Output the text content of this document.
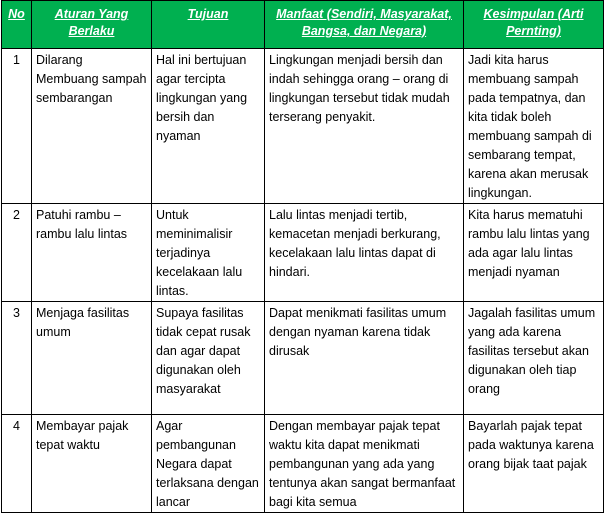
No	Aturan Yang Berlaku	Tujuan	Manfaat (Sendiri, Masyarakat, Bangsa, dan Negara)	Kesimpulan (Arti Pernting)

1	Dilarang Membuang sampah sembarangan	Hal ini bertujuan agar tercipta lingkungan yang bersih dan nyaman	Lingkungan menjadi bersih dan indah sehingga orang – orang di lingkungan tersebut tidak mudah terserang penyakit.	Jadi kita harus membuang sampah pada tempatnya, dan kita tidak boleh membuang sampah di sembarang tempat, karena akan merusak lingkungan.

2	Patuhi rambu – rambu lalu lintas	Untuk meminimalisir terjadinya kecelakaan lalu lintas.	Lalu lintas menjadi tertib, kemacetan menjadi berkurang, kecelakaan lalu lintas dapat di hindari.	Kita harus mematuhi rambu lalu lintas yang ada agar lalu lintas menjadi nyaman

3	Menjaga fasilitas umum	Supaya fasilitas tidak cepat rusak dan agar dapat digunakan oleh masyarakat	Dapat menikmati fasilitas umum dengan nyaman karena tidak dirusak	Jagalah fasilitas umum yang ada karena fasilitas tersebut akan digunakan oleh tiap orang

4	Membayar pajak tepat waktu	Agar pembangunan Negara dapat terlaksana dengan lancar	Dengan membayar pajak tepat waktu kita dapat menikmati pembangunan yang ada yang tentunya akan sangat bermanfaat bagi kita semua	Bayarlah pajak tepat pada waktunya karena orang bijak taat pajak
